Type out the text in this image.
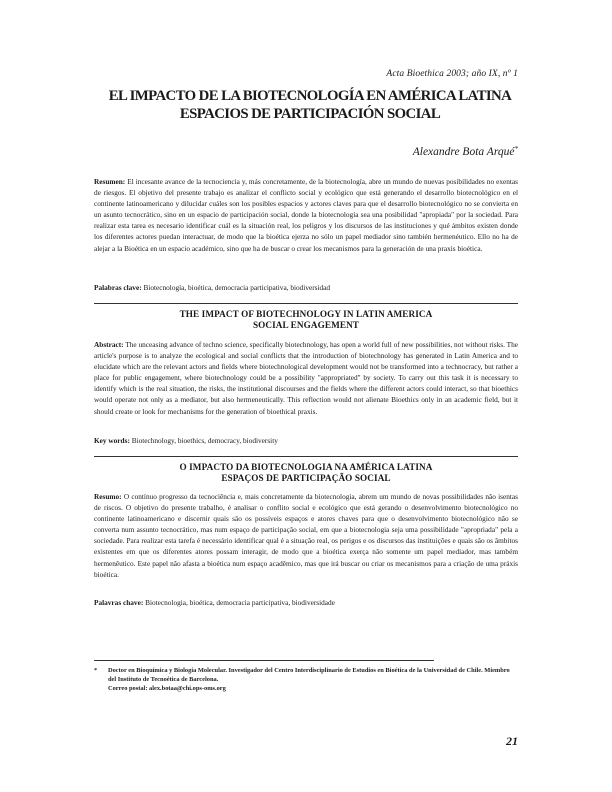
Acta Bioethica 2003; año IX, nº 1
EL IMPACTO DE LA BIOTECNOLOGÍA EN AMÉRICA LATINA
ESPACIOS DE PARTICIPACIÓN SOCIAL
Alexandre Bota Arqué*
Resumen: El incesante avance de la tecnociencia y, más concretamente, de la biotecnología, abre un mundo de nuevas posibilidades no exentas de riesgos. El objetivo del presente trabajo es analizar el conflicto social y ecológico que está generando el desarrollo biotecnológico en el continente latinoamericano y dilucidar cuáles son los posibles espacios y actores claves para que el desarrollo biotecnológico no se convierta en un asunto tecnocrático, sino en un espacio de participación social, donde la biotecnología sea una posibilidad "apropiada" por la sociedad. Para realizar esta tarea es necesario identificar cuál es la situación real, los peligros y los discursos de las instituciones y qué ámbitos existen donde los diferentes actores puedan interactuar, de modo que la bioética ejerza no sólo un papel mediador sino también hermenéutico. Ello no ha de alejar a la Bioética en un espacio académico, sino que ha de buscar o crear los mecanismos para la generación de una praxis bioética.
Palabras clave: Biotecnología, bioética, democracia participativa, biodiversidad
THE IMPACT OF BIOTECHNOLOGY IN LATIN AMERICA
SOCIAL ENGAGEMENT
Abstract: The unceasing advance of techno science, specifically biotechnology, has open a world full of new possibilities, not without risks. The article's purpose is to analyze the ecological and social conflicts that the introduction of biotechnology has generated in Latin America and to elucidate which are the relevant actors and fields where biotechnological development would not be transformed into a technocracy, but rather a place for public engagement, where biotechnology could be a possibility "appropriated" by society. To carry out this task it is necessary to identify which is the real situation, the risks, the institutional discourses and the fields where the different actors could interact, so that bioethics would operate not only as a mediator, but also hermeneutically. This reflection would not alienate Bioethics only in an academic field, but it should create or look for mechanisms for the generation of bioethical praxis.
Key words: Biotechnology, bioethics, democracy, biodiversity
O IMPACTO DA BIOTECNOLOGIA NA AMÉRICA LATINA
ESPAÇOS DE PARTICIPAÇÃO SOCIAL
Resumo: O contínuo progresso da tecnociência e, mais concretamente da biotecnologia, abrem um mundo de novas possibilidades não isentas de riscos. O objetivo do presente trabalho, é analisar o conflito social e ecológico que está gerando o desenvolvimento biotecnológico no continente latinoamericano e discernir quais são os possíveis espaços e atores chaves para que o desenvolvimento biotecnológico não se converta num assunto tecnocrático, mas num espaço de participação social, em que a biotecnologia seja uma possibilidade "apropriada" pela a sociedade. Para realizar esta tarefa é necessário identificar qual é a situação real, os perigos e os discursos das instituições e quais são os âmbitos existentes em que os diferentes atores possam interagir, de modo que a bioética exerça não somente um papel mediador, mas também hermenêutico. Este papel não afasta a bioética num espaço acadêmico, mas que irá buscar ou criar os mecanismos para a criação de uma práxis bioética.
Palavras chave: Biotecnologia, bioética, democracia participativa, biodiversidade
* Doctor en Bioquímica y Biología Molecular. Investigador del Centro Interdisciplinario de Estudios en Bioética de la Universidad de Chile. Miembro del Instituto de Tecnoética de Barcelona.
Correo postal: alex.botaa@chi.ops-oms.org
21
